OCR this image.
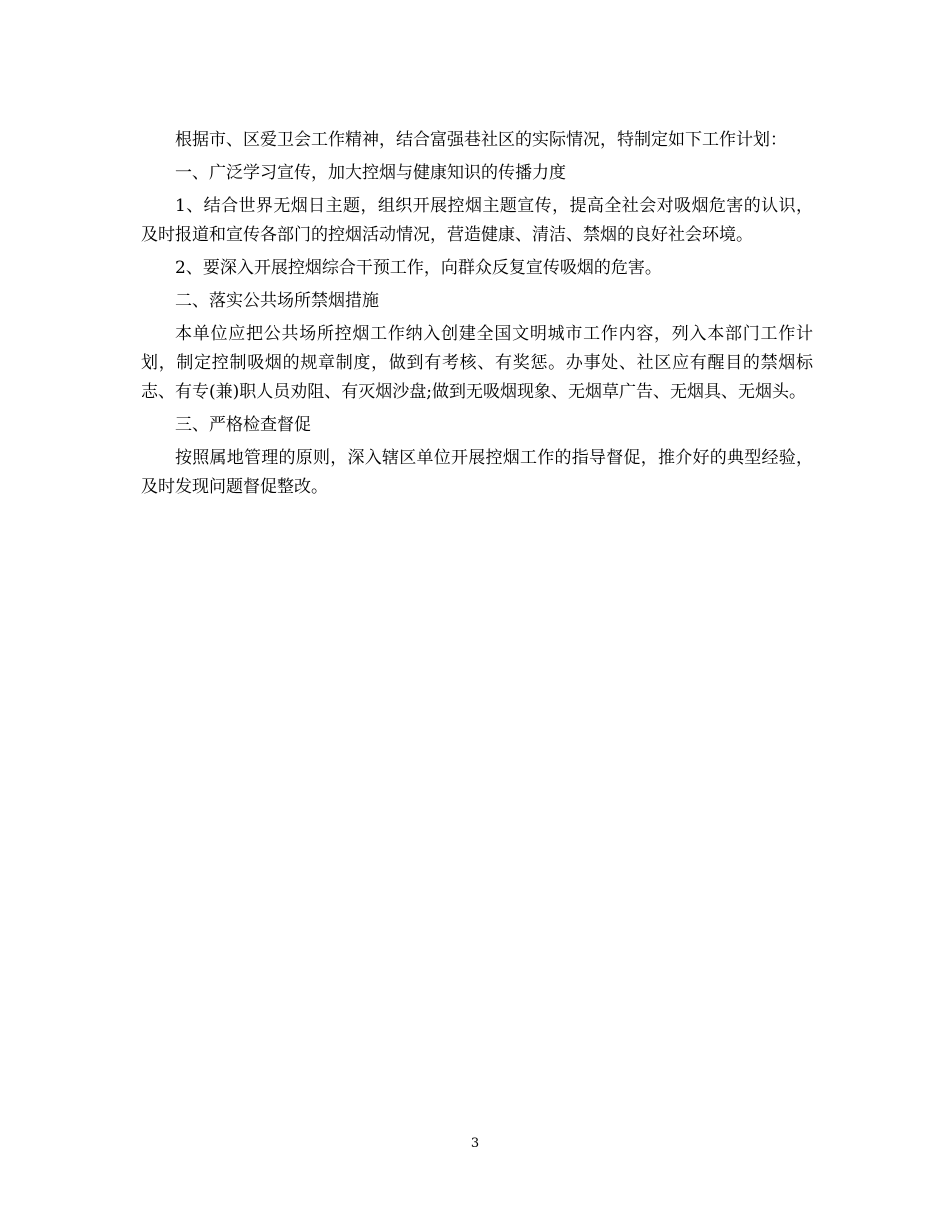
根据市、区爱卫会工作精神，结合富强巷社区的实际情况，特制定如下工作计划：

一、广泛学习宣传，加大控烟与健康知识的传播力度

1、结合世界无烟日主题，组织开展控烟主题宣传，提高全社会对吸烟危害的认识，及时报道和宣传各部门的控烟活动情况，营造健康、清洁、禁烟的良好社会环境。

2、要深入开展控烟综合干预工作，向群众反复宣传吸烟的危害。

二、落实公共场所禁烟措施

本单位应把公共场所控烟工作纳入创建全国文明城市工作内容，列入本部门工作计划，制定控制吸烟的规章制度，做到有考核、有奖惩。办事处、社区应有醒目的禁烟标志、有专(兼)职人员劝阻、有灭烟沙盘;做到无吸烟现象、无烟草广告、无烟具、无烟头。

三、严格检查督促

按照属地管理的原则，深入辖区单位开展控烟工作的指导督促，推介好的典型经验，及时发现问题督促整改。

3
